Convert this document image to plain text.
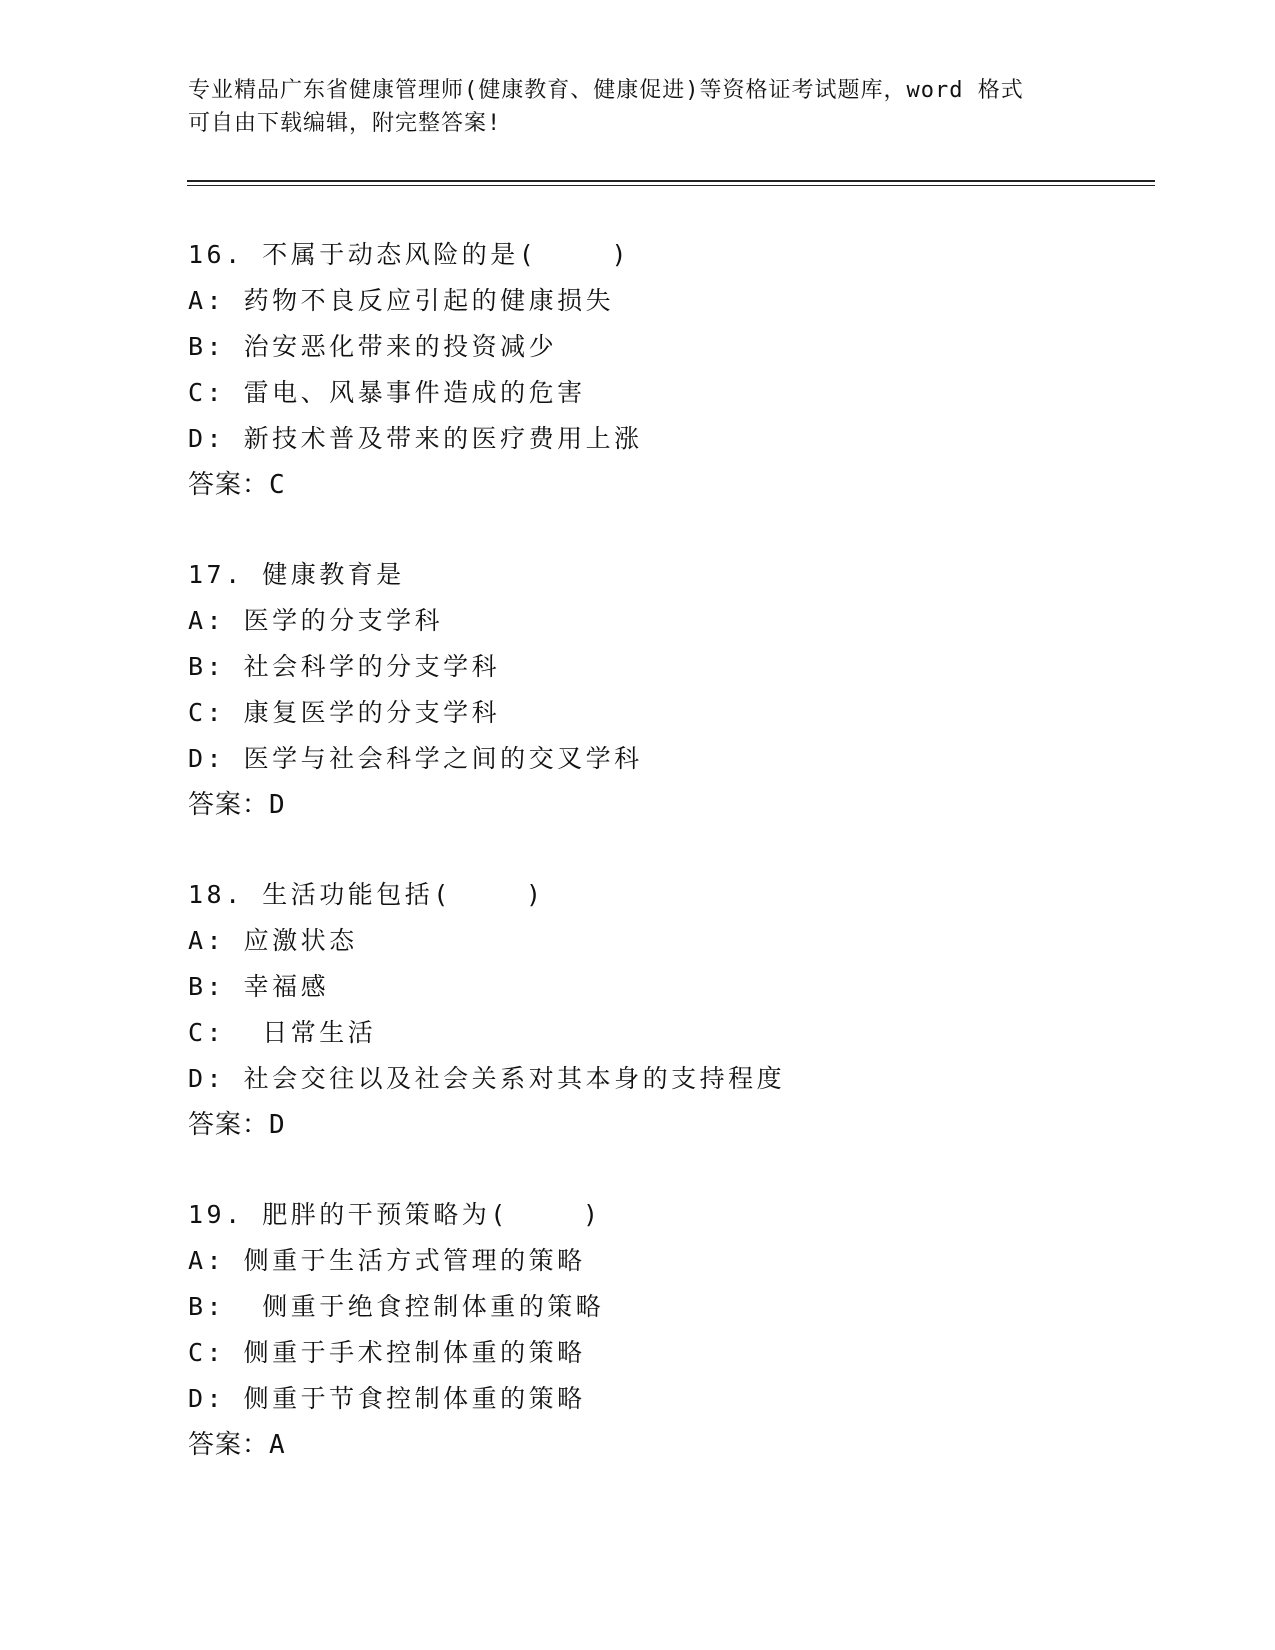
专业精品广东省健康管理师(健康教育、健康促进)等资格证考试题库，word 格式
可自由下载编辑，附完整答案!
16. 不属于动态风险的是(    )
A: 药物不良反应引起的健康损失
B: 治安恶化带来的投资减少
C: 雷电、风暴事件造成的危害
D: 新技术普及带来的医疗费用上涨
答案：C
17. 健康教育是
A: 医学的分支学科
B: 社会科学的分支学科
C: 康复医学的分支学科
D: 医学与社会科学之间的交叉学科
答案：D
18. 生活功能包括(    )
A: 应激状态
B: 幸福感
C:  日常生活
D: 社会交往以及社会关系对其本身的支持程度
答案：D
19. 肥胖的干预策略为(    )
A: 侧重于生活方式管理的策略
B:  侧重于绝食控制体重的策略
C: 侧重于手术控制体重的策略
D: 侧重于节食控制体重的策略
答案：A
